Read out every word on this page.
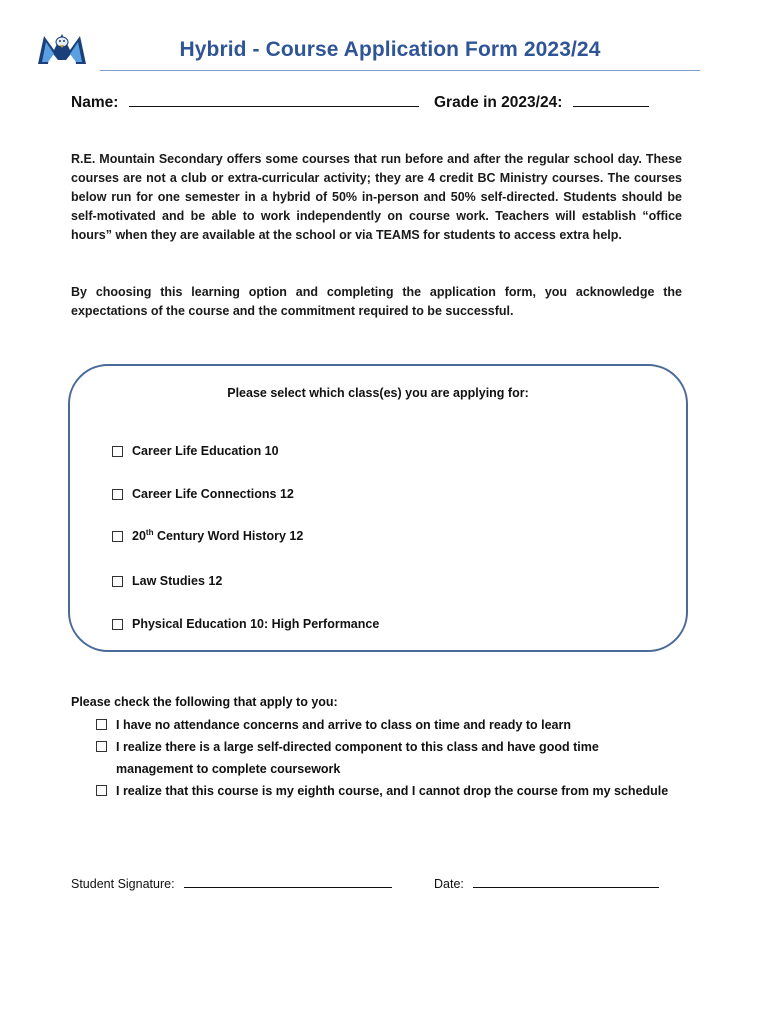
Hybrid - Course Application Form 2023/24
Name:	Grade in 2023/24:
R.E. Mountain Secondary offers some courses that run before and after the regular school day. These courses are not a club or extra-curricular activity; they are 4 credit BC Ministry courses. The courses below run for one semester in a hybrid of 50% in-person and 50% self-directed. Students should be self-motivated and be able to work independently on course work. Teachers will establish “office hours” when they are available at the school or via TEAMS for students to access extra help.
By choosing this learning option and completing the application form, you acknowledge the expectations of the course and the commitment required to be successful.
Please select which class(es) you are applying for:
Career Life Education 10
Career Life Connections 12
20th Century Word History 12
Law Studies 12
Physical Education 10: High Performance
Please check the following that apply to you:
I have no attendance concerns and arrive to class on time and ready to learn
I realize there is a large self-directed component to this class and have good time management to complete coursework
I realize that this course is my eighth course, and I cannot drop the course from my schedule
Student Signature:	Date:
